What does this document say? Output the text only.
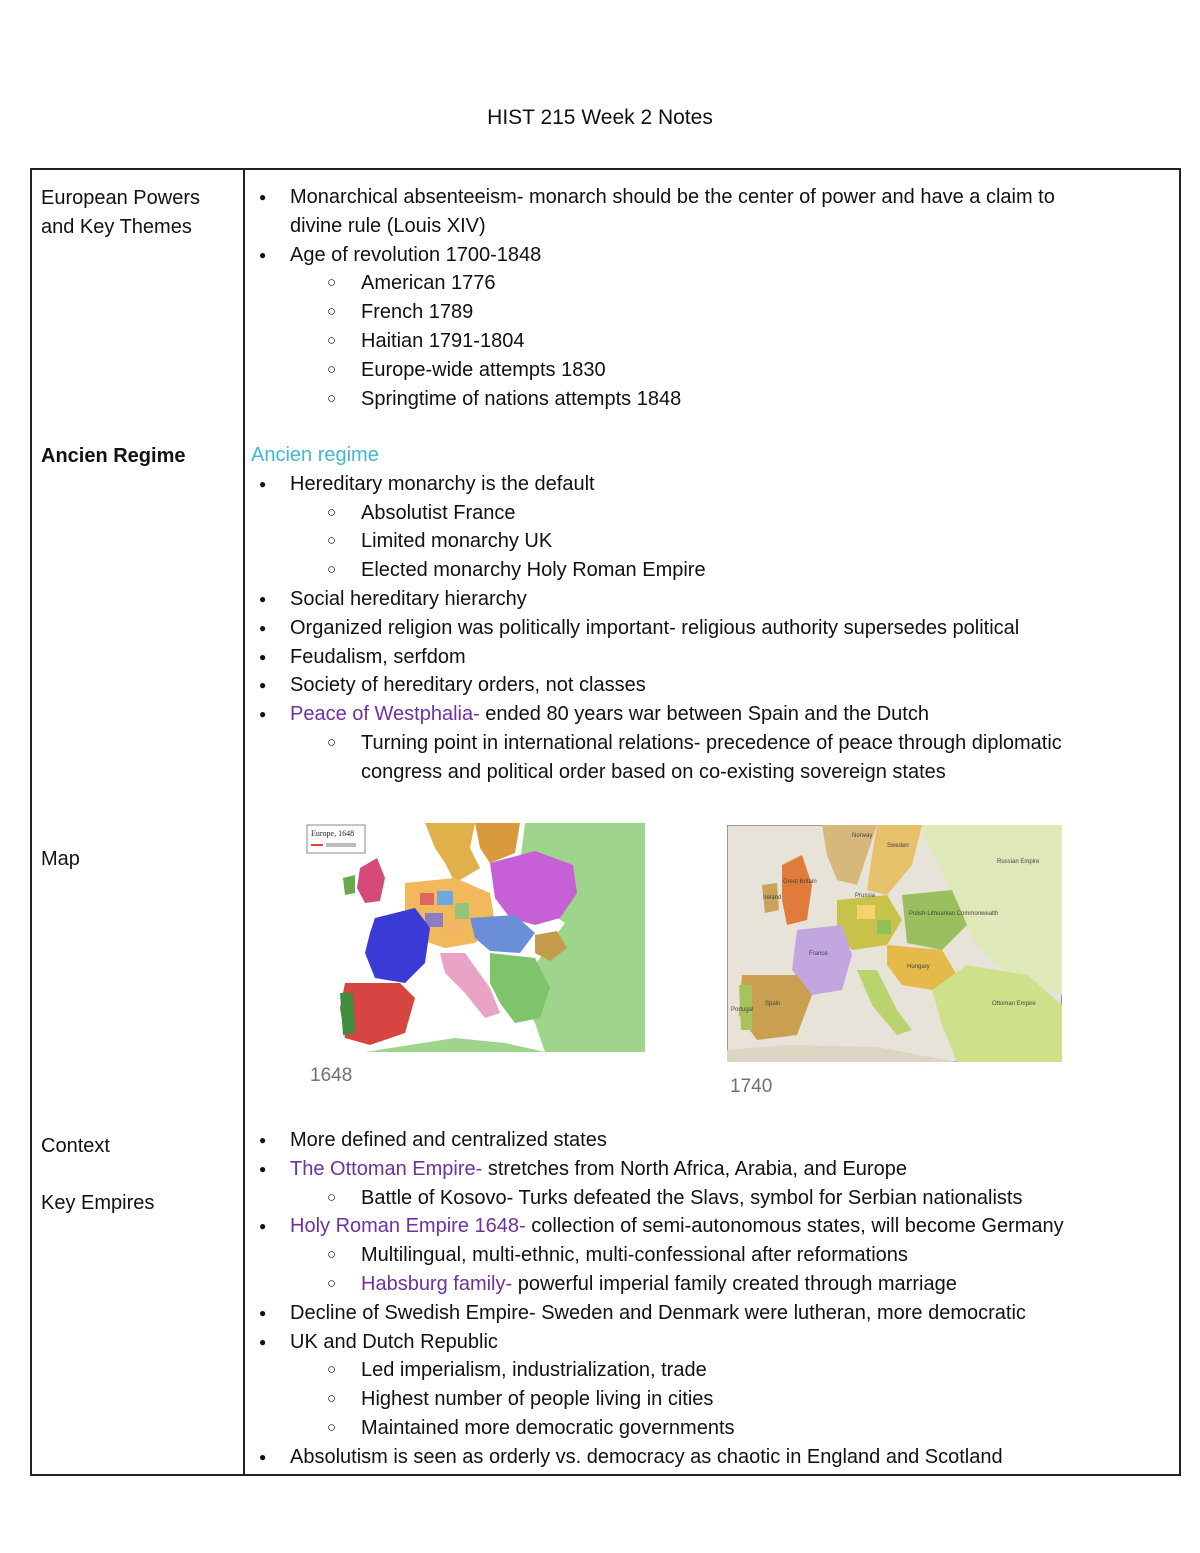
HIST 215 Week 2 Notes
European Powers
and Key Themes
Ancien Regime
Map
Context
Key Empires
● Monarchical absenteeism- monarch should be the center of power and have a claim to
divine rule (Louis XIV)
● Age of revolution 1700-1848
○ American 1776
○ French 1789
○ Haitian 1791-1804
○ Europe-wide attempts 1830
○ Springtime of nations attempts 1848
Ancien regime
● Hereditary monarchy is the default
○ Absolutist France
○ Limited monarchy UK
○ Elected monarchy Holy Roman Empire
● Social hereditary hierarchy
● Organized religion was politically important- religious authority supersedes political
● Feudalism, serfdom
● Society of hereditary orders, not classes
● Peace of Westphalia- ended 80 years war between Spain and the Dutch
○ Turning point in international relations- precedence of peace through diplomatic
congress and political order based on co-existing sovereign states
Europe, 1648
1648
Norway
Sweden
Russian Empire
Great Britain
Ireland	Prussia
Polish-Lithuanian Commonwealth
France
Hungary
Spain
Portugal
Ottoman Empire
1740
● More defined and centralized states
● The Ottoman Empire- stretches from North Africa, Arabia, and Europe
○ Battle of Kosovo- Turks defeated the Slavs, symbol for Serbian nationalists
● Holy Roman Empire 1648- collection of semi-autonomous states, will become Germany
○ Multilingual, multi-ethnic, multi-confessional after reformations
○ Habsburg family- powerful imperial family created through marriage
● Decline of Swedish Empire- Sweden and Denmark were lutheran, more democratic
● UK and Dutch Republic
○ Led imperialism, industrialization, trade
○ Highest number of people living in cities
○ Maintained more democratic governments
● Absolutism is seen as orderly vs. democracy as chaotic in England and Scotland
